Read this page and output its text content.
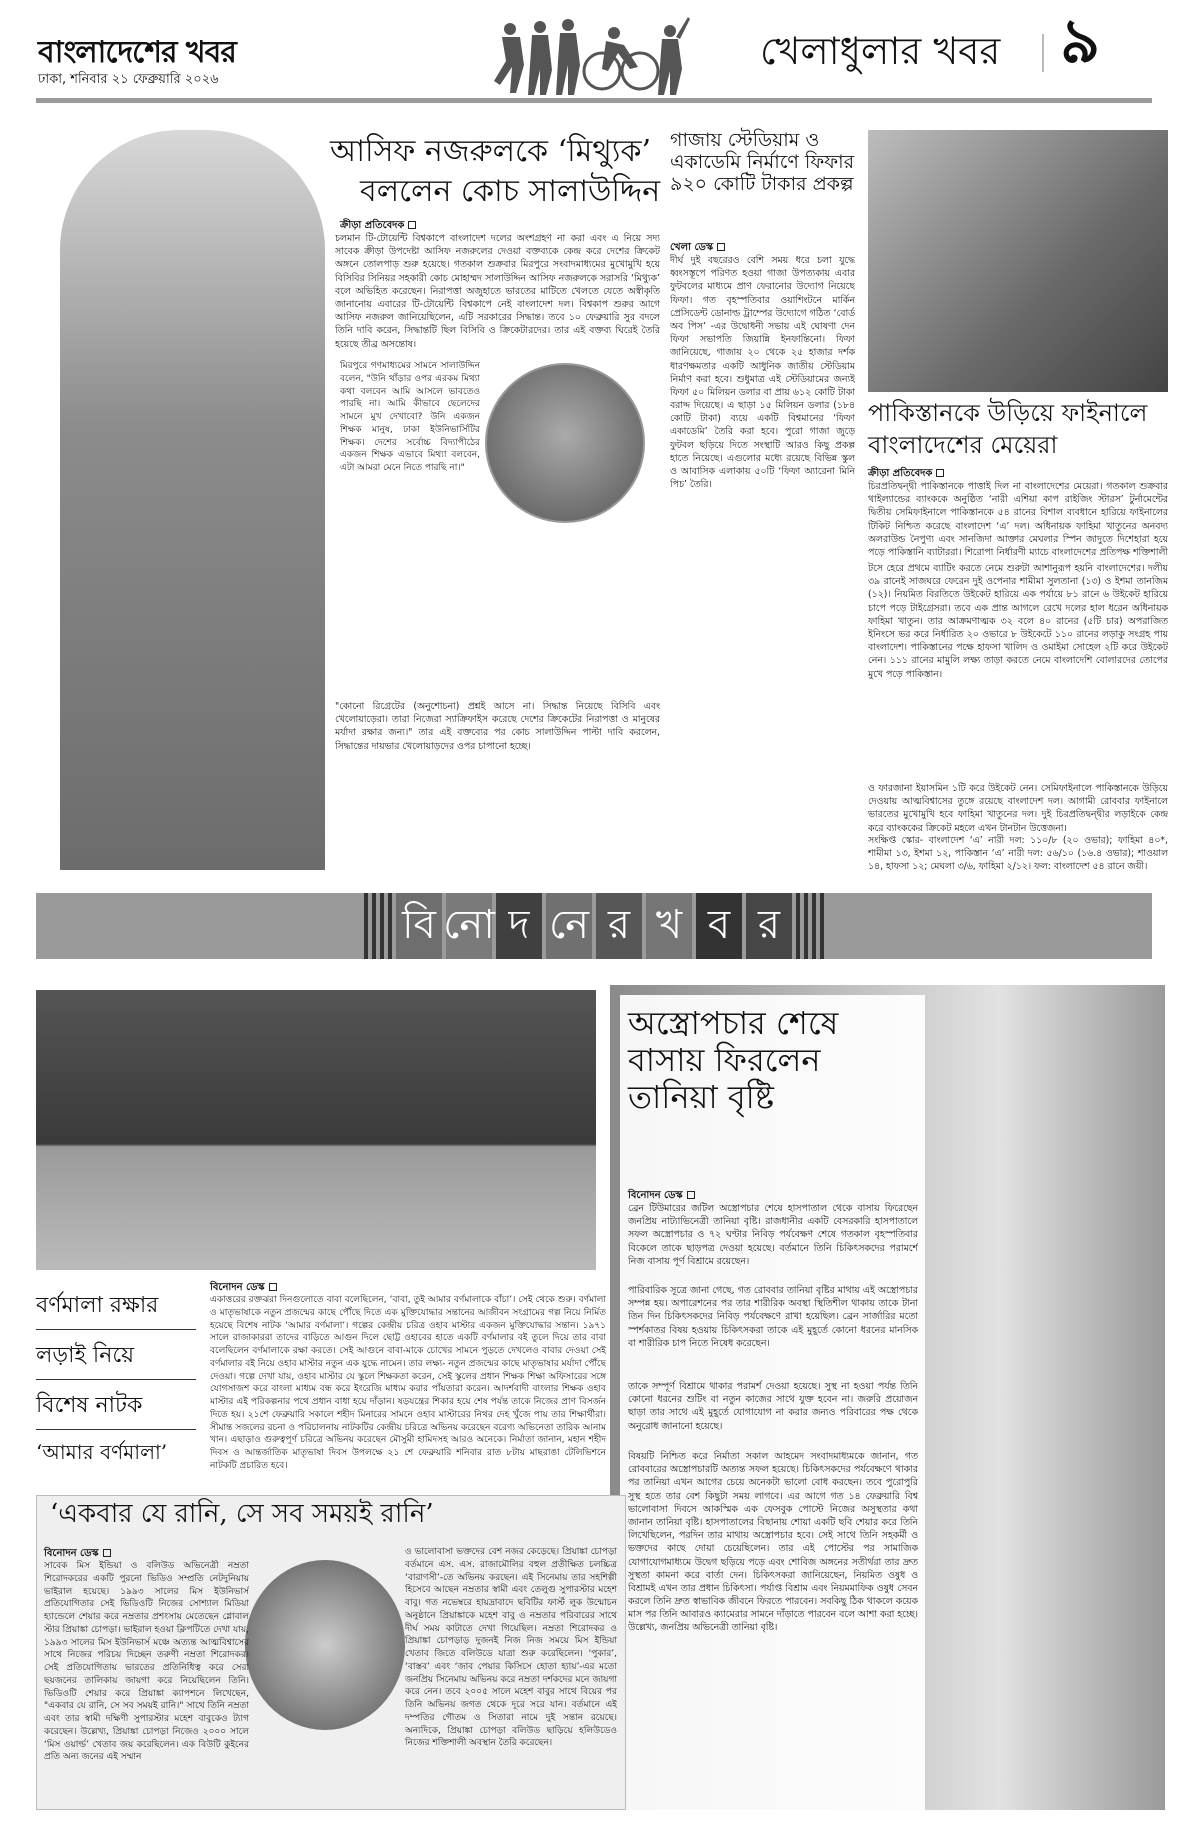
বাংলাদেশের খবর
ঢাকা, শনিবার ২১ ফেব্রুয়ারি ২০২৬
খেলাধুলার খবর ৯
আসিফ নজরুলকে ‘মিথ্যুক’
বললেন কোচ সালাউদ্দিন
ক্রীড়া প্রতিবেদক
চলমান টি-টোয়েন্টি বিশ্বকাপে বাংলাদেশ দলের অংশগ্রহণ না করা এবং এ নিয়ে সদ্য সাবেক ক্রীড়া উপদেষ্টা আসিফ নজরুলের দেওয়া বক্তব্যকে কেন্দ্র করে দেশের ক্রিকেট অঙ্গনে তোলপাড় শুরু হয়েছে। গতকাল শুক্রবার মিরপুরে সংবাদমাধ্যমের মুখোমুখি হয়ে বিসিবির সিনিয়র সহকারী কোচ মোহাম্মদ সালাউদ্দিন আসিফ নজরুলকে সরাসরি ‘মিথ্যুক’ বলে অভিহিত করেছেন। নিরাপত্তা অজুহাতে ভারতের মাটিতে খেলতে যেতে অস্বীকৃতি জানানোয় এবারের টি-টোয়েন্টি বিশ্বকাপে নেই বাংলাদেশ দল। বিশ্বকাপ শুরুর আগে আসিফ নজরুল জানিয়েছিলেন, এটি সরকারের সিদ্ধান্ত। তবে ১০ ফেব্রুয়ারি সুর বদলে তিনি দাবি করেন, সিদ্ধান্তটি ছিল বিসিবি ও ক্রিকেটারদের। তার এই বক্তব্য ঘিরেই তৈরি হয়েছে তীব্র অসন্তোষ।
মিরপুরে গণমাধ্যমের সামনে সালাউদ্দিন বলেন, "উনি থাঁড়ার ওপর এরকম মিথ্যা কথা বলবেন আমি আসলে ভাবতেও পারছি না। আমি কীভাবে ছেলেদের সামনে মুখ দেখাবো? উনি একজন শিক্ষক মানুষ, ঢাকা ইউনিভার্সিটির শিক্ষক। দেশের সর্বোচ্চ বিদ্যাপীঠের একজন শিক্ষক এভাবে মিথ্যা বলবেন, এটা আমরা মেনে নিতে পারছি না।"
"কোনো রিগ্রেটের (অনুশোচনা) প্রশ্নই আসে না। সিদ্ধান্ত নিয়েছে বিসিবি এবং খেলোয়াড়েরা। তারা নিজেরা স্যাক্রিফাইস করেছে দেশের ক্রিকেটের নিরাপত্তা ও মানুষের মর্যাদা রক্ষার জন্য।" তার এই বক্তব্যের পর কোচ সালাউদ্দিন পাল্টা দাবি করলেন, সিদ্ধান্তের দায়ভার খেলোয়াড়দের ওপর চাপানো হচ্ছে।
গাজায় স্টেডিয়াম ও একাডেমি নির্মাণে ফিফার ৯২০ কোটি টাকার প্রকল্প
খেলা ডেস্ক
দীর্ঘ দুই বছরেরও বেশি সময় ধরে চলা যুদ্ধে ধ্বংসস্তূপে পরিণত হওয়া গাজা উপত্যকায় এবার ফুটবলের মাধ্যমে প্রাণ ফেরানোর উদ্যোগ নিয়েছে ফিফা। গত বৃহস্পতিবার ওয়াশিংটনে মার্কিন প্রেসিডেন্ট ডোনাল্ড ট্রাম্পের উদ্যোগে গঠিত ‘বোর্ড অব পিস’ -এর উদ্বোধনী সভায় এই ঘোষণা দেন ফিফা সভাপতি জিয়ান্নি ইনফান্তিনো। ফিফা জানিয়েছে, গাজায় ২০ থেকে ২৫ হাজার দর্শক ধারণক্ষমতার একটি আধুনিক জাতীয় স্টেডিয়াম নির্মাণ করা হবে। শুধুমাত্র এই স্টেডিয়ামের জন্যই ফিফা ৫০ মিলিয়ন ডলার বা প্রায় ৬১২ কোটি টাকা বরাদ্দ দিয়েছে। এ ছাড়া ১৫ মিলিয়ন ডলার (১৮৪ কোটি টাকা) ব্যয়ে একটি বিশ্বমানের ‘ফিফা একাডেমি’ তৈরি করা হবে। পুরো গাজা জুড়ে ফুটবল ছড়িয়ে দিতে সংস্থাটি আরও কিছু প্রকল্প হাতে নিয়েছে। এগুলোর মধ্যে রয়েছে বিভিন্ন স্কুল ও আবাসিক এলাকায় ৫০টি ‘ফিফা অ্যারেনা মিনি পিচ’ তৈরি।
পাকিস্তানকে উড়িয়ে ফাইনালে
বাংলাদেশের মেয়েরা
ক্রীড়া প্রতিবেদক
চিরপ্রতিদ্বন্দ্বী পাকিস্তানকে পাত্তাই দিল না বাংলাদেশের মেয়েরা। গতকাল শুক্রবার থাইল্যান্ডের ব্যাংককে অনুষ্ঠিত ‘নারী এশিয়া কাপ রাইজিং স্টারস’ টুর্নামেন্টের দ্বিতীয় সেমিফাইনালে পাকিস্তানকে ৫৪ রানের বিশাল ব্যবধানে হারিয়ে ফাইনালের টিকিট নিশ্চিত করেছে বাংলাদেশ ‘এ’ দল। অধিনায়ক ফাহিমা খাতুনের অনবদ্য অলরাউন্ড নৈপুণ্য এবং সানজিদা আক্তার মেঘলার স্পিন জাদুতে দিশেহারা হয়ে পড়ে পাকিস্তানি ব্যাটাররা। শিরোপা নির্ধারণী ম্যাচে বাংলাদেশের প্রতিপক্ষ শক্তিশালী
টসে হেরে প্রথমে ব্যাটিং করতে নেমে শুরুটা আশানুরূপ হয়নি বাংলাদেশের। দলীয় ৩৯ রানেই সাজঘরে ফেরেন দুই ওপেনার শামীমা সুলতানা (১৩) ও ইশমা তানজিম (১২)। নিয়মিত বিরতিতে উইকেট হারিয়ে এক পর্যায়ে ৮১ রানে ৬ উইকেট হারিয়ে চাপে পড়ে টাইগ্রেসরা। তবে এক প্রান্ত আগলে রেখে দলের হাল ধরেন অধিনায়ক ফাহিমা খাতুন। তার আক্রমণাত্মক ৩২ বলে ৪০ রানের (৫টি চার) অপরাজিত ইনিংসে ভর করে নির্ধারিত ২০ ওভারে ৮ উইকেটে ১১০ রানের লড়াকু সংগ্রহ পায় বাংলাদেশ। পাকিস্তানের পক্ষে হাফসা খালিদ ও ওমাইমা সোহেল ২টি করে উইকেট নেন। ১১১ রানের মামুলি লক্ষ্য তাড়া করতে নেমে বাংলাদেশি বোলারদের তোপের মুখে পড়ে পাকিস্তান।
ও ফারজানা ইয়াসমিন ১টি করে উইকেট নেন। সেমিফাইনালে পাকিস্তানকে উড়িয়ে দেওয়ায় আত্মবিশ্বাসের তুঙ্গে রয়েছে বাংলাদেশ দল। আগামী রোববার ফাইনালে ভারতের মুখোমুখি হবে ফাহিমা খাতুনের দল। দুই চিরপ্রতিদ্বন্দ্বীর লড়াইকে কেন্দ্র করে ব্যাংককের ক্রিকেট মহলে এখন টানটান উত্তেজনা।
সংক্ষিপ্ত স্কোর- বাংলাদেশ ‘এ’ নারী দল: ১১০/৮ (২০ ওভার); ফাহিমা ৪০*, শামীমা ১৩, ইশমা ১২, পাকিস্তান ‘এ’ নারী দল: ৫৬/১০ (১৬.৪ ওভার); শাওয়াল ১৪, হাফসা ১২; মেঘলা ৩/৬, ফাহিমা ২/১২। ফল: বাংলাদেশ ৫৪ রানে জয়ী।
বি নো দ নে র খ ব র
বর্ণমালা রক্ষার
লড়াই নিয়ে
বিশেষ নাটক
‘আমার বর্ণমালা’
বিনোদন ডেস্ক
একাত্তরের রক্তঝরা দিনগুলোতে বাবা বলেছিলেন, ‘বাবা, তুই আমার বর্ণমালাকে বাঁচা’। সেই থেকে শুরু। বর্ণমালা ও মাতৃভাষাকে নতুন প্রজন্মের কাছে পৌঁছে দিতে এক মুক্তিযোদ্ধার সন্তানের আজীবন সংগ্রামের গল্প নিয়ে নির্মিত হয়েছে বিশেষ নাটক ‘আমার বর্ণমালা’। গল্পের কেন্দ্রীয় চরিত্র ওহাব মাস্টার একজন মুক্তিযোদ্ধার সন্তান। ১৯৭১ সালে রাজাকাররা তাদের বাড়িতে আগুন দিলে ছোট্ট ওহাবের হাতে একটি বর্ণমালার বই তুলে দিয়ে তার বাবা বলেছিলেন বর্ণমালাকে রক্ষা করতে। সেই আগুনে বাবা-মাকে চোখের সামনে পুড়তে দেখলেও বাবার দেওয়া সেই বর্ণমালার বই নিয়ে ওহাব মাস্টার নতুন এক যুদ্ধে নামেন। তার লক্ষ্য- নতুন প্রজন্মের কাছে মাতৃভাষার মর্যাদা পৌঁছে দেওয়া। গল্পে দেখা যায়, ওহাব মাস্টার যে স্কুলে শিক্ষকতা করেন, সেই স্কুলের প্রধান শিক্ষক শিক্ষা অফিসারের সঙ্গে যোগসাজশ করে বাংলা মাধ্যম বন্ধ করে ইংরেজি মাধ্যম করার পাঁয়তারা করেন। আদর্শবাদী বাংলার শিক্ষক ওহাব মাস্টার এই পরিকল্পনার পথে প্রধান বাধা হয়ে দাঁড়ান। ষড়যন্ত্রের শিকার হয়ে শেষ পর্যন্ত তাকে নিজের প্রাণ বিসর্জন দিতে হয়। ২১শে ফেব্রুয়ারি সকালে শহীদ মিনারের সামনে ওহাব মাস্টারের নিথর দেহ খুঁজে পায় তার শিক্ষার্থীরা। সীমান্ত সজলের রচনা ও পরিচালনায় নাটকটির কেন্দ্রীয় চরিত্রে অভিনয় করেছেন বরেণ্য অভিনেতা তারিক আনাম খান। এছাড়াও গুরুত্বপূর্ণ চরিত্রে অভিনয় করেছেন মৌসুমী হামিদসহ আরও অনেকে। নির্মাতা জানান, মহান শহীদ দিবস ও আন্তর্জাতিক মাতৃভাষা দিবস উপলক্ষে ২১ শে ফেব্রুয়ারি শনিবার রাত ৮টায় মাছরাঙা টেলিভিশনে নাটকটি প্রচারিত হবে।
অস্ত্রোপচার শেষে
বাসায় ফিরলেন
তানিয়া বৃষ্টি
বিনোদন ডেস্ক
ব্রেন টিউমারের জটিল অস্ত্রোপচার শেষে হাসপাতাল থেকে বাসায় ফিরেছেন জনপ্রিয় নাট্যাভিনেত্রী তানিয়া বৃষ্টি। রাজধানীর একটি বেসরকারি হাসপাতালে সফল অস্ত্রোপচার ও ৭২ ঘণ্টার নিবিড় পর্যবেক্ষণ শেষে গতকাল বৃহস্পতিবার বিকেলে তাকে ছাড়পত্র দেওয়া হয়েছে। বর্তমানে তিনি চিকিৎসকদের পরামর্শে নিজ বাসায় পূর্ণ বিশ্রামে রয়েছেন।
পারিবারিক সূত্রে জানা গেছে, গত রোববার তানিয়া বৃষ্টির মাথায় এই অস্ত্রোপচার সম্পন্ন হয়। অপারেশনের পর তার শারীরিক অবস্থা স্থিতিশীল থাকায় তাকে টানা তিন দিন চিকিৎসকদের নিবিড় পর্যবেক্ষণে রাখা হয়েছিল। ব্রেন সার্জারির মতো স্পর্শকাতর বিষয় হওয়ায় চিকিৎসকরা তাকে এই মুহূর্তে কোনো ধরনের মানসিক বা শারীরিক চাপ নিতে নিষেধ করেছেন।
তাকে সম্পূর্ণ বিশ্রামে থাকার পরামর্শ দেওয়া হয়েছে। সুস্থ না হওয়া পর্যন্ত তিনি কোনো ধরনের শুটিং বা নতুন কাজের সাথে যুক্ত হবেন না। জরুরি প্রয়োজন ছাড়া তার সাথে এই মুহূর্তে যোগাযোগ না করার জন্যও পরিবারের পক্ষ থেকে অনুরোধ জানানো হয়েছে।
বিষয়টি নিশ্চিত করে নির্মাতা সকাল আহমেদ সংবাদমাধ্যমকে জানান, গত রোববারের অস্ত্রোপচারটি অত্যন্ত সফল হয়েছে। চিকিৎসকদের পর্যবেক্ষণে থাকার পর তানিয়া এখন আগের চেয়ে অনেকটা ভালো বোধ করছেন। তবে পুরোপুরি সুস্থ হতে তার বেশ কিছুটা সময় লাগবে। এর আগে গত ১৪ ফেব্রুয়ারি বিশ্ব ভালোবাসা দিবসে আকস্মিক এক ফেসবুক পোস্টে নিজের অসুস্থতার কথা জানান তানিয়া বৃষ্টি। হাসপাতালের বিছানায় শোয়া একটি ছবি শেয়ার করে তিনি লিখেছিলেন, পরদিন তার মাথায় অস্ত্রোপচার হবে। সেই সাথে তিনি সহকর্মী ও ভক্তদের কাছে দোয়া চেয়েছিলেন। তার এই পোস্টের পর সামাজিক যোগাযোগমাধ্যমে উদ্বেগ ছড়িয়ে পড়ে এবং শোবিজ অঙ্গনের সতীর্থরা তার দ্রুত সুস্থতা কামনা করে বার্তা দেন। চিকিৎসকরা জানিয়েছেন, নিয়মিত ওষুধ ও বিশ্রামই এখন তার প্রধান চিকিৎসা। পর্যাপ্ত বিশ্রাম এবং নিয়মমাফিক ওষুধ সেবন করলে তিনি দ্রুত স্বাভাবিক জীবনে ফিরতে পারবেন। সবকিছু ঠিক থাকলে কয়েক মাস পর তিনি আবারও ক্যামেরার সামনে দাঁড়াতে পারবেন বলে আশা করা হচ্ছে। উল্লেখ্য, জনপ্রিয় অভিনেত্রী তানিয়া বৃষ্টি।
‘একবার যে রানি, সে সব সময়ই রানি’
বিনোদন ডেস্ক
সাবেক মিস ইন্ডিয়া ও বলিউড অভিনেত্রী নম্রতা শিরোদকরের একটি পুরনো ভিডিও সম্প্রতি নেটদুনিয়ায় ভাইরাল হয়েছে। ১৯৯৩ সালের মিস ইউনিভার্স প্রতিযোগিতার সেই ভিডিওটি নিজের সোশ্যাল মিডিয়া হ্যান্ডেলে শেয়ার করে নম্রতার প্রশংসায় মেতেছেন গ্লোবাল স্টার প্রিয়াঙ্কা চোপড়া। ভাইরাল হওয়া ক্লিপটিতে দেখা যায়, ১৯৯৩ সালের মিস ইউনিভার্স মঞ্চে অত্যন্ত আত্মবিশ্বাসের সাথে নিজের পরিচয় দিচ্ছেন তরুণী নম্রতা শিরোদকর। সেই প্রতিযোগিতায় ভারতের প্রতিনিধিত্ব করে সেরা ছয়জনের তালিকায় জায়গা করে নিয়েছিলেন তিনি। ভিডিওটি শেয়ার করে প্রিয়াঙ্কা ক্যাপশনে লিখেছেন, "একবার যে রানি, সে সব সময়ই রানি।" সাথে তিনি নম্রতা এবং তার স্বামী দক্ষিণী সুপারস্টার মহেশ বাবুকেও ট্যাগ করেছেন। উল্লেখ্য, প্রিয়াঙ্কা চোপড়া নিজেও ২০০০ সালে ‘মিস ওয়ার্ল্ড’ খেতাব জয় করেছিলেন। এক বিউটি কুইনের প্রতি অন্য জনের এই সম্মান
ও ভালোবাসা ভক্তদের বেশ নজর কেড়েছে। প্রিয়াঙ্কা চোপড়া বর্তমানে এস. এস. রাজামৌলির বহুল প্রতীক্ষিত চলচ্চিত্র ‘বারাণসী’-তে অভিনয় করছেন। এই সিনেমায় তার সহশিল্পী হিসেবে আছেন নম্রতার স্বামী এবং তেলুগু সুপারস্টার মহেশ বাবু। গত নভেম্বরে হায়দ্রাবাদে ছবিটির ফার্স্ট লুক উন্মোচন অনুষ্ঠানে প্রিয়াঙ্কাকে মহেশ বাবু ও নম্রতার পরিবারের সাথে দীর্ঘ সময় কাটাতে দেখা গিয়েছিল। নম্রতা শিরোদকর ও প্রিয়াঙ্কা চোপড়াড় দুজনই নিজ নিজ সময়ে মিস ইন্ডিয়া খেতাব জিতে বলিউডে যাত্রা শুরু করেছিলেন। ‘পুকার’, ‘বাস্তব’ এবং ‘জাব পেয়ার কিসিসে হোতা হ্যায়’-এর মতো জনপ্রিয় সিনেমায় অভিনয় করে নম্রতা দর্শকদের মনে জায়গা করে নেন। তবে ২০০৫ সালে মহেশ বাবুর সাথে বিয়ের পর তিনি অভিনয় জগত থেকে দূরে সরে যান। বর্তমানে এই দম্পতির গৌতম ও সিতারা নামে দুই সন্তান রয়েছে। অন্যদিকে, প্রিয়াঙ্কা চোপড়া বলিউড ছাড়িয়ে হলিউডেও নিজের শক্তিশালী অবস্থান তৈরি করেছেন।
